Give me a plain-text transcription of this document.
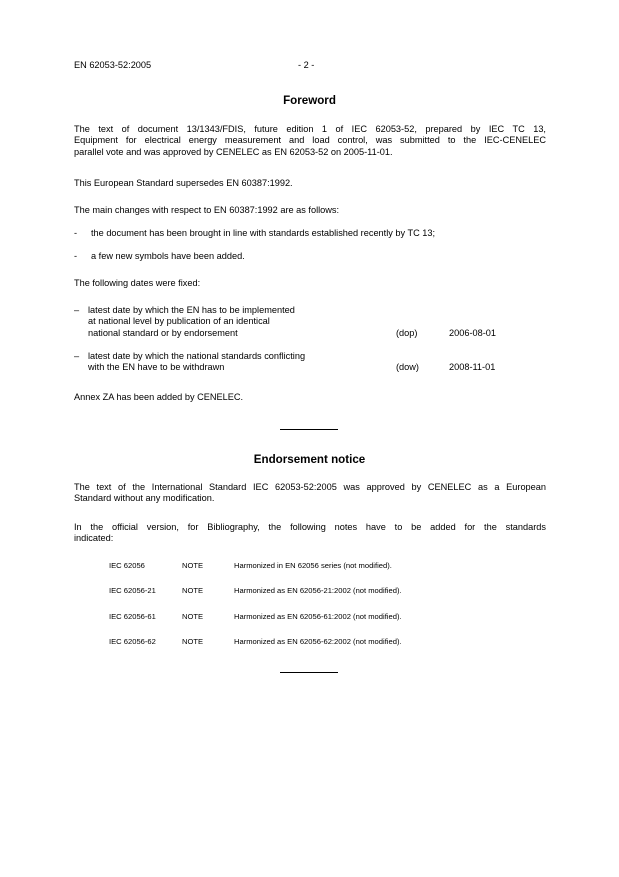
EN 62053-52:2005	- 2 -
Foreword
The text of document 13/1343/FDIS, future edition 1 of IEC 62053-52, prepared by IEC TC 13,
Equipment for electrical energy measurement and load control, was submitted to the IEC-CENELEC
parallel vote and was approved by CENELEC as EN 62053-52 on 2005-11-01.
This European Standard supersedes EN 60387:1992.
The main changes with respect to EN 60387:1992 are as follows:
- the document has been brought in line with standards established recently by TC 13;
- a few new symbols have been added.
The following dates were fixed:
– latest date by which the EN has to be implemented
at national level by publication of an identical
national standard or by endorsement	(dop)	2006-08-01
– latest date by which the national standards conflicting
with the EN have to be withdrawn	(dow)	2008-11-01
Annex ZA has been added by CENELEC.
Endorsement notice
The text of the International Standard IEC 62053-52:2005 was approved by CENELEC as a European
Standard without any modification.
In the official version, for Bibliography, the following notes have to be added for the standards
indicated:
IEC 62056	NOTE	Harmonized in EN 62056 series (not modified).
IEC 62056-21	NOTE	Harmonized as EN 62056-21:2002 (not modified).
IEC 62056-61	NOTE	Harmonized as EN 62056-61:2002 (not modified).
IEC 62056-62	NOTE	Harmonized as EN 62056-62:2002 (not modified).
